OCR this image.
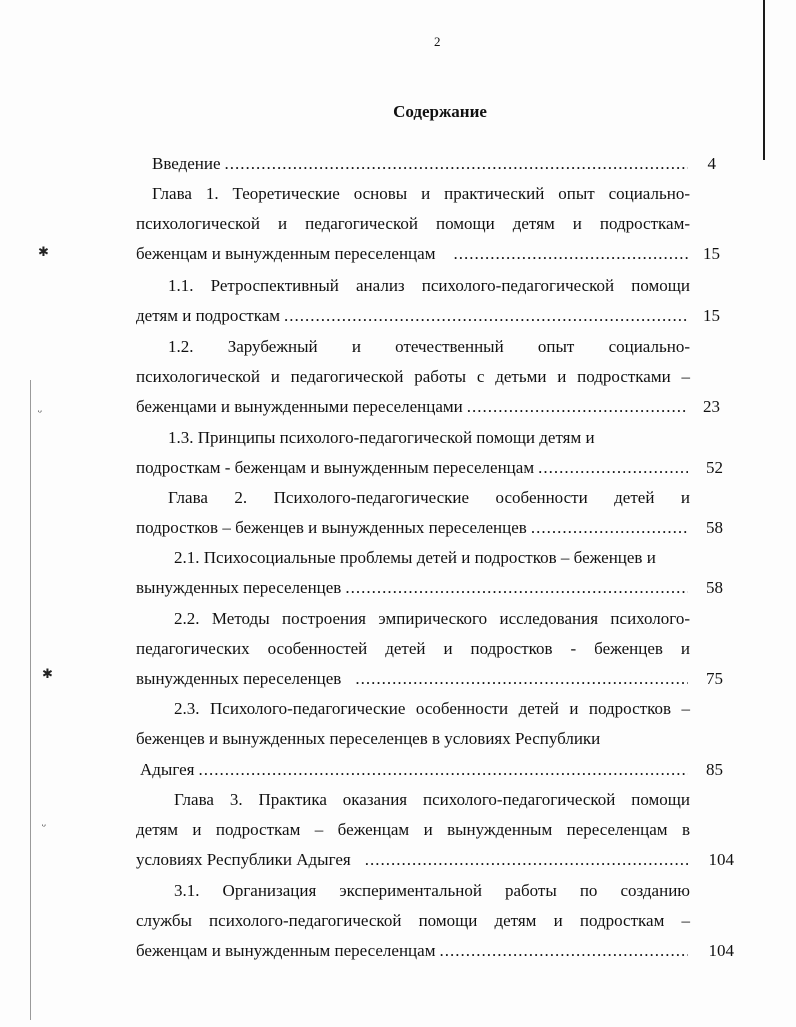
✱
ᵕ
✱
ᵕ
2
Содержание
Введение .....	4
Глава 1. Теоретические основы и практический опыт социально-
психологической и педагогической помощи детям и подросткам-
беженцам и вынужденным переселенцам .....	15
1.1. Ретроспективный анализ психолого-педагогической помощи
детям и подросткам .....	15
1.2. Зарубежный и отечественный опыт социально-
психологической и педагогической работы с детьми и подростками –
беженцами и вынужденными переселенцами .....	23
1.3. Принципы психолого-педагогической помощи детям и
подросткам - беженцам и вынужденным переселенцам .....	52
Глава 2. Психолого-педагогические особенности детей и
подростков – беженцев и вынужденных переселенцев .....	58
2.1. Психосоциальные проблемы детей и подростков – беженцев и
вынужденных переселенцев .....	58
2.2. Методы построения эмпирического исследования психолого-
педагогических особенностей детей и подростков - беженцев и
вынужденных переселенцев .....	75
2.3. Психолого-педагогические особенности детей и подростков –
беженцев и вынужденных переселенцев в условиях Республики
Адыгея .....	85
Глава 3. Практика оказания психолого-педагогической помощи
детям и подросткам – беженцам и вынужденным переселенцам в
условиях Республики Адыгея .....	104
3.1. Организация экспериментальной работы по созданию
службы психолого-педагогической помощи детям и подросткам –
беженцам и вынужденным переселенцам .....	104
